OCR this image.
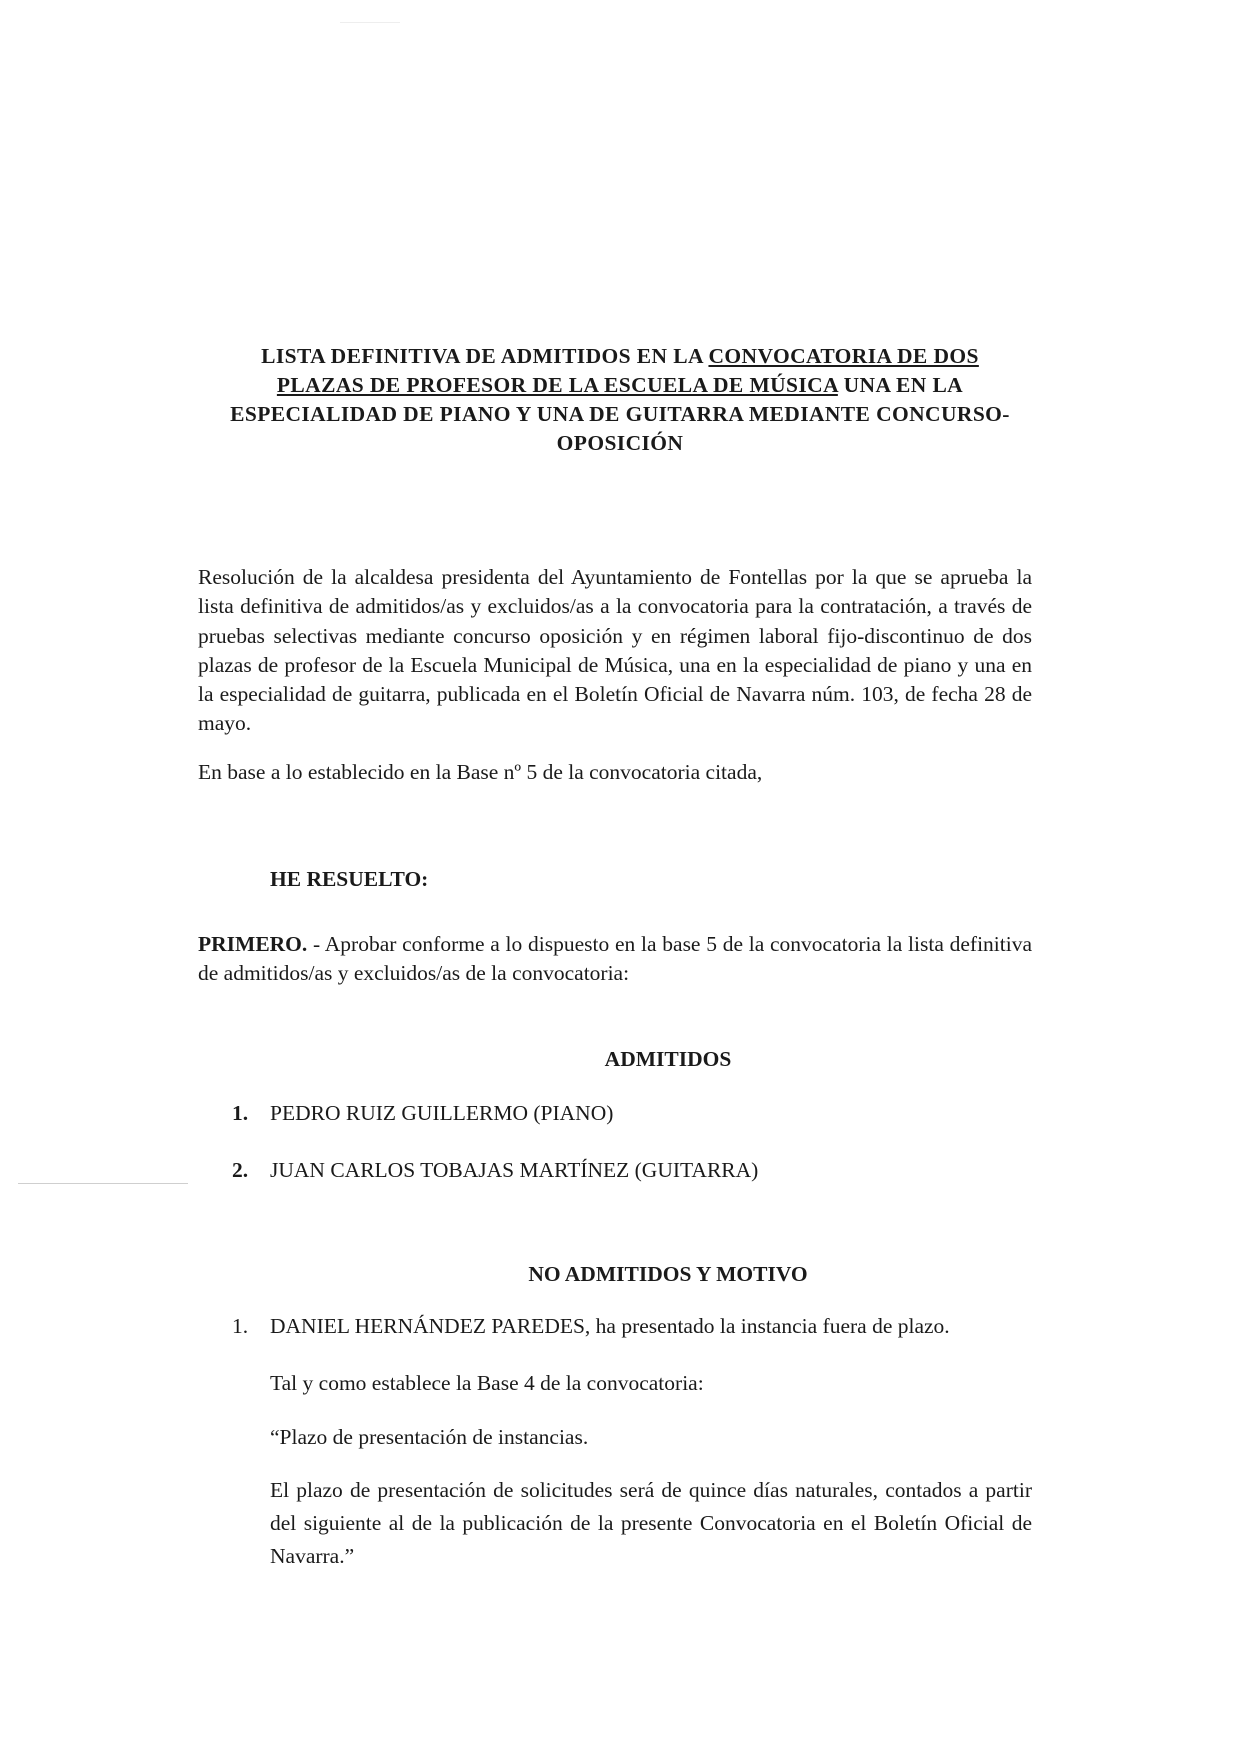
LISTA DEFINITIVA DE ADMITIDOS EN LA CONVOCATORIA DE DOS
PLAZAS DE PROFESOR DE LA ESCUELA DE MÚSICA UNA EN LA
ESPECIALIDAD DE PIANO Y UNA DE GUITARRA MEDIANTE CONCURSO-
OPOSICIÓN
Resolución de la alcaldesa presidenta del Ayuntamiento de Fontellas por la que se aprueba la lista definitiva de admitidos/as y excluidos/as a la convocatoria para la contratación, a través de pruebas selectivas mediante concurso oposición y en régimen laboral fijo-discontinuo de dos plazas de profesor de la Escuela Municipal de Música, una en la especialidad de piano y una en la especialidad de guitarra, publicada en el Boletín Oficial de Navarra núm. 103, de fecha 28 de mayo.
En base a lo establecido en la Base nº 5 de la convocatoria citada,
HE RESUELTO:
PRIMERO. - Aprobar conforme a lo dispuesto en la base 5 de la convocatoria la lista definitiva de admitidos/as y excluidos/as de la convocatoria:
ADMITIDOS
1. PEDRO RUIZ GUILLERMO (PIANO)
2. JUAN CARLOS TOBAJAS MARTÍNEZ (GUITARRA)
NO ADMITIDOS Y MOTIVO
1. DANIEL HERNÁNDEZ PAREDES, ha presentado la instancia fuera de plazo.
Tal y como establece la Base 4 de la convocatoria:
“Plazo de presentación de instancias.
El plazo de presentación de solicitudes será de quince días naturales, contados a partir del siguiente al de la publicación de la presente Convocatoria en el Boletín Oficial de Navarra.”
